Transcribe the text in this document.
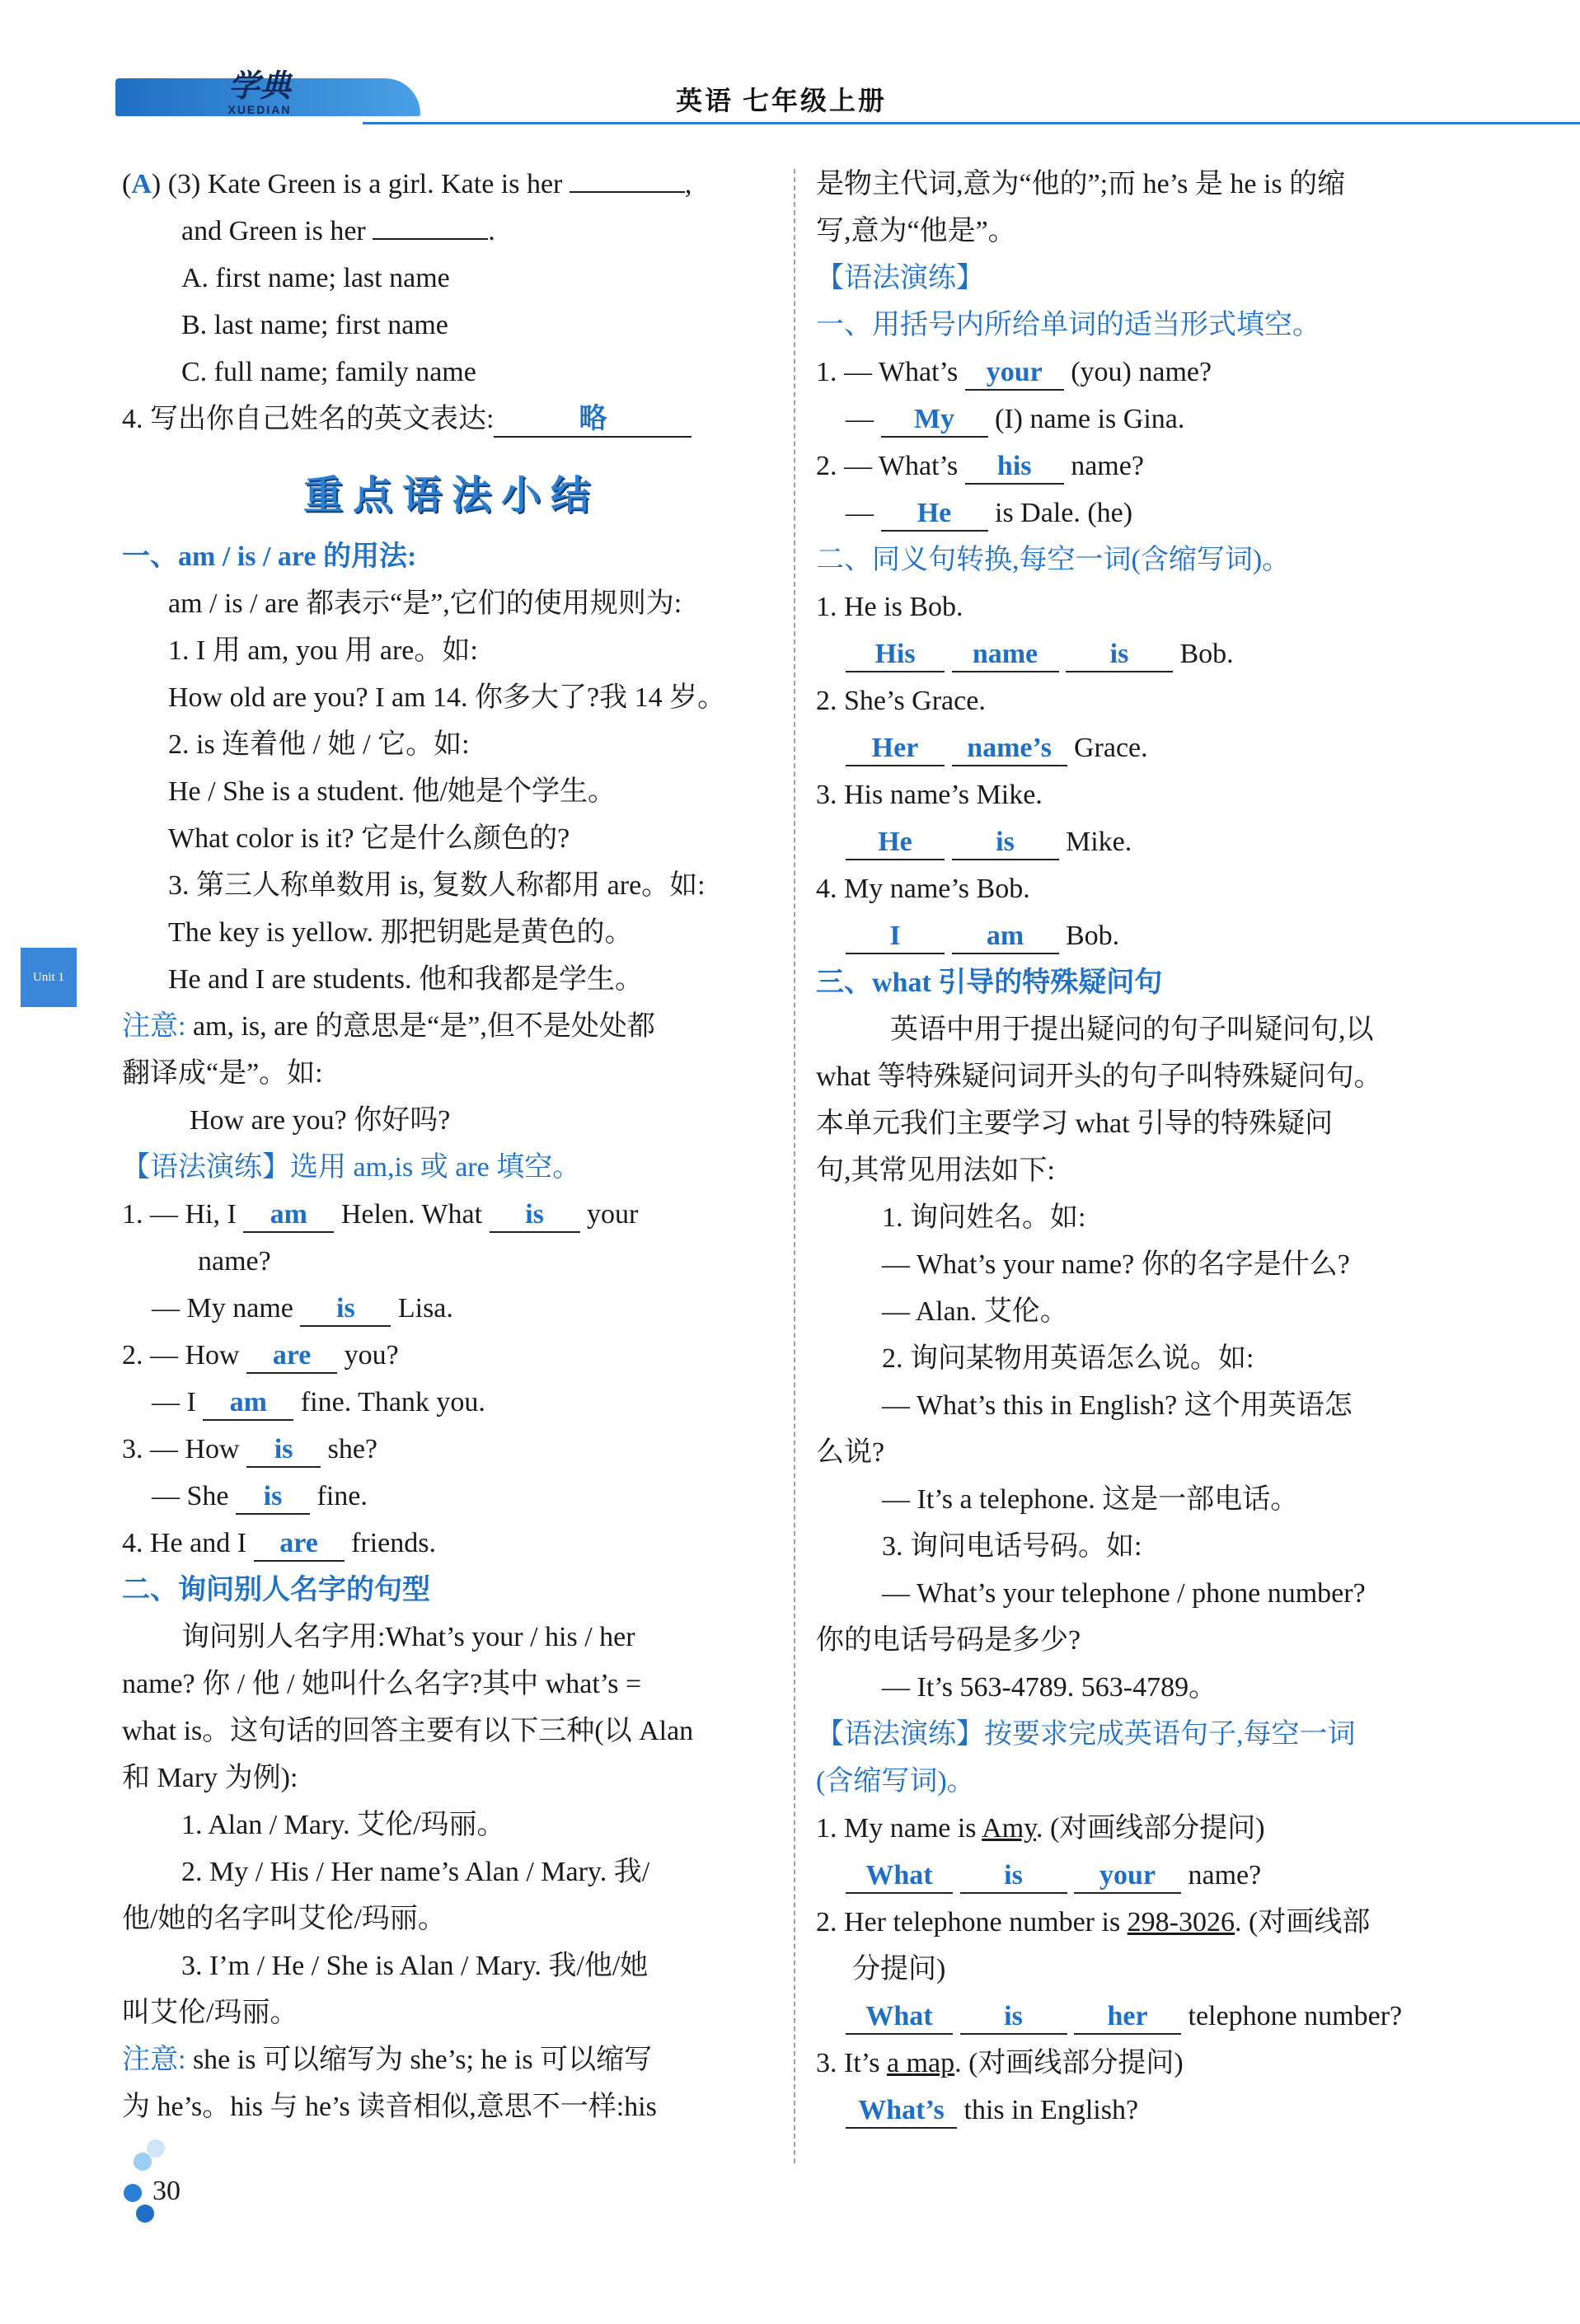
学典
XUEDIAN	英语 七年级上册
Unit 1
(A) (3) Kate Green is a girl. Kate is her	,
and Green is her	.
A. first name; last name
B. last name; first name
C. full name; family name
4. 写出你自己姓名的英文表达:	略
重点语法小结
一、am / is / are 的用法:
am / is / are 都表示“是”,它们的使用规则为:
1. I 用 am, you 用 are。如:
How old are you? I am 14. 你多大了?我 14 岁。
2. is 连着他 / 她 / 它。如:
He / She is a student. 他/她是个学生。
What color is it? 它是什么颜色的?
3. 第三人称单数用 is, 复数人称都用 are。如:
The key is yellow. 那把钥匙是黄色的。
He and I are students. 他和我都是学生。
注意: am, is, are 的意思是“是”,但不是处处都
翻译成“是”。如:
How are you? 你好吗?
【语法演练】选用 am,is 或 are 填空。
1. — Hi, I am Helen. What is your
name?
— My name is Lisa.
2. — How are you?
— I am fine. Thank you.
3. — How is she?
— She is fine.
4. He and I are friends.
二、询问别人名字的句型
询问别人名字用:What’s your / his / her
name? 你 / 他 / 她叫什么名字?其中 what’s =
what is。这句话的回答主要有以下三种(以 Alan
和 Mary 为例):
1. Alan / Mary. 艾伦/玛丽。
2. My / His / Her name’s Alan / Mary. 我/
他/她的名字叫艾伦/玛丽。
3. I’m / He / She is Alan / Mary. 我/他/她
叫艾伦/玛丽。
注意: she is 可以缩写为 she’s; he is 可以缩写
为 he’s。his 与 he’s 读音相似,意思不一样:his
是物主代词,意为“他的”;而 he’s 是 he is 的缩
写,意为“他是”。
【语法演练】
一、用括号内所给单词的适当形式填空。
1. — What’s your (you) name?
— My (I) name is Gina.
2. — What’s his name?
— He is Dale. (he)
二、同义句转换,每空一词(含缩写词)。
1. He is Bob.
His name	is Bob.
2. She’s Grace.
Her name’s Grace.
3. His name’s Mike.
He	is Mike.
4. My name’s Bob.
I	am Bob.
三、what 引导的特殊疑问句
英语中用于提出疑问的句子叫疑问句,以
what 等特殊疑问词开头的句子叫特殊疑问句。
本单元我们主要学习 what 引导的特殊疑问
句,其常见用法如下:
1. 询问姓名。如:
— What’s your name? 你的名字是什么?
— Alan. 艾伦。
2. 询问某物用英语怎么说。如:
— What’s this in English? 这个用英语怎
么说?
— It’s a telephone. 这是一部电话。
3. 询问电话号码。如:
— What’s your telephone / phone number?
你的电话号码是多少?
— It’s 563-4789. 563-4789。
【语法演练】按要求完成英语句子,每空一词
(含缩写词)。
1. My name is Amy. (对画线部分提问)
What	is	your name?
2. Her telephone number is 298-3026. (对画线部
分提问)
What	is	her telephone number?
3. It’s a map. (对画线部分提问)
What’s this in English?
30
